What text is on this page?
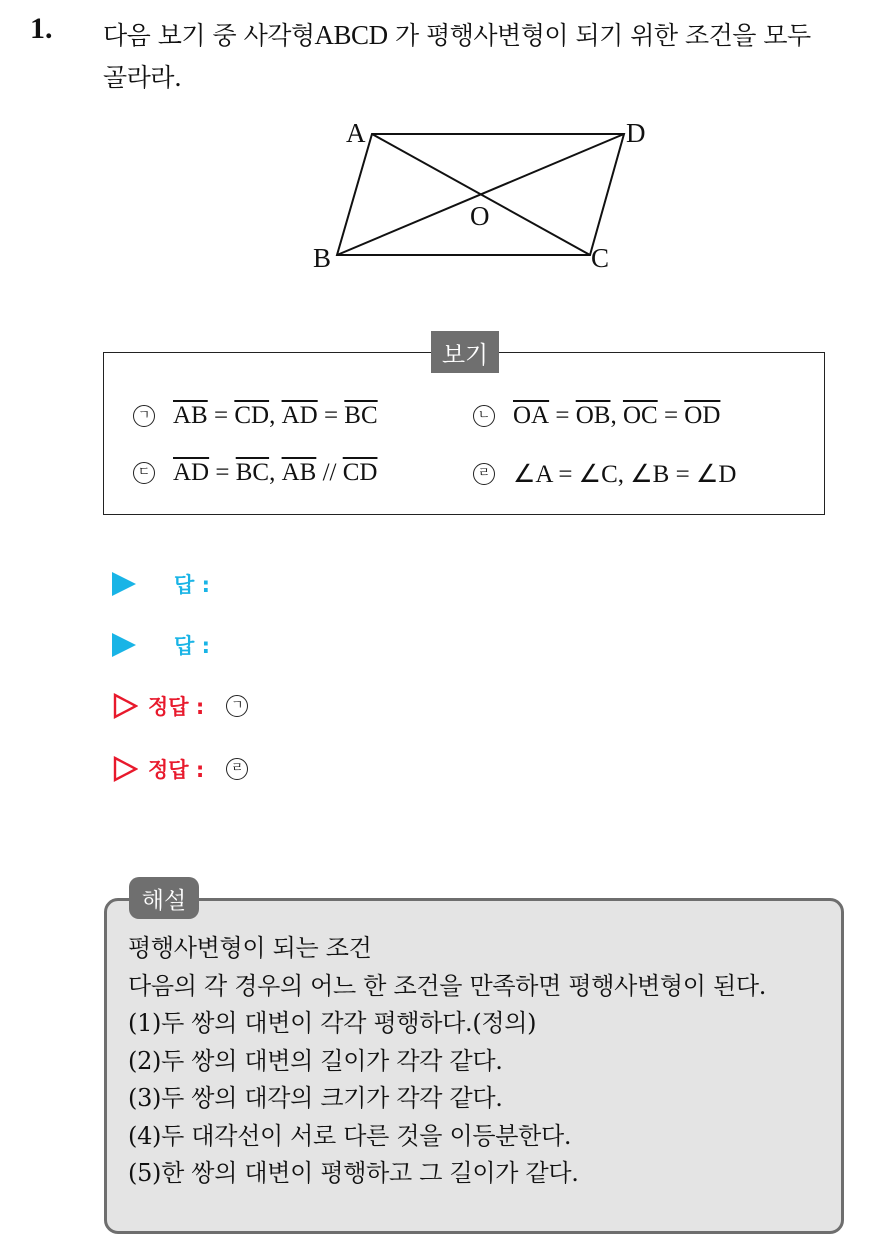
1. 다음 보기 중 사각형ABCD 가 평행사변형이 되기 위한 조건을 모두
골라라.
A	D
B	C
O
보기
ㄱ $\overline{AB} = \overline{CD}$ , $\overline{AD} = \overline{BC}$	ㄴ $\overline{OA} = \overline{OB}$ , $\overline{OC} = \overline{OD}$
ㄷ $\overline{AD} = \overline{BC}$ , $\overline{AB} // \overline{CD}$	ㄹ ∠A = ∠C, ∠B = ∠D
답 :
답 :
정답 :	ㄱ
정답 :	ㄹ
해설
평행사변형이 되는 조건
다음의 각 경우의 어느 한 조건을 만족하면 평행사변형이 된다.
(1)두 쌍의 대변이 각각 평행하다.(정의)
(2)두 쌍의 대변의 길이가 각각 같다.
(3)두 쌍의 대각의 크기가 각각 같다.
(4)두 대각선이 서로 다른 것을 이등분한다.
(5)한 쌍의 대변이 평행하고 그 길이가 같다.
